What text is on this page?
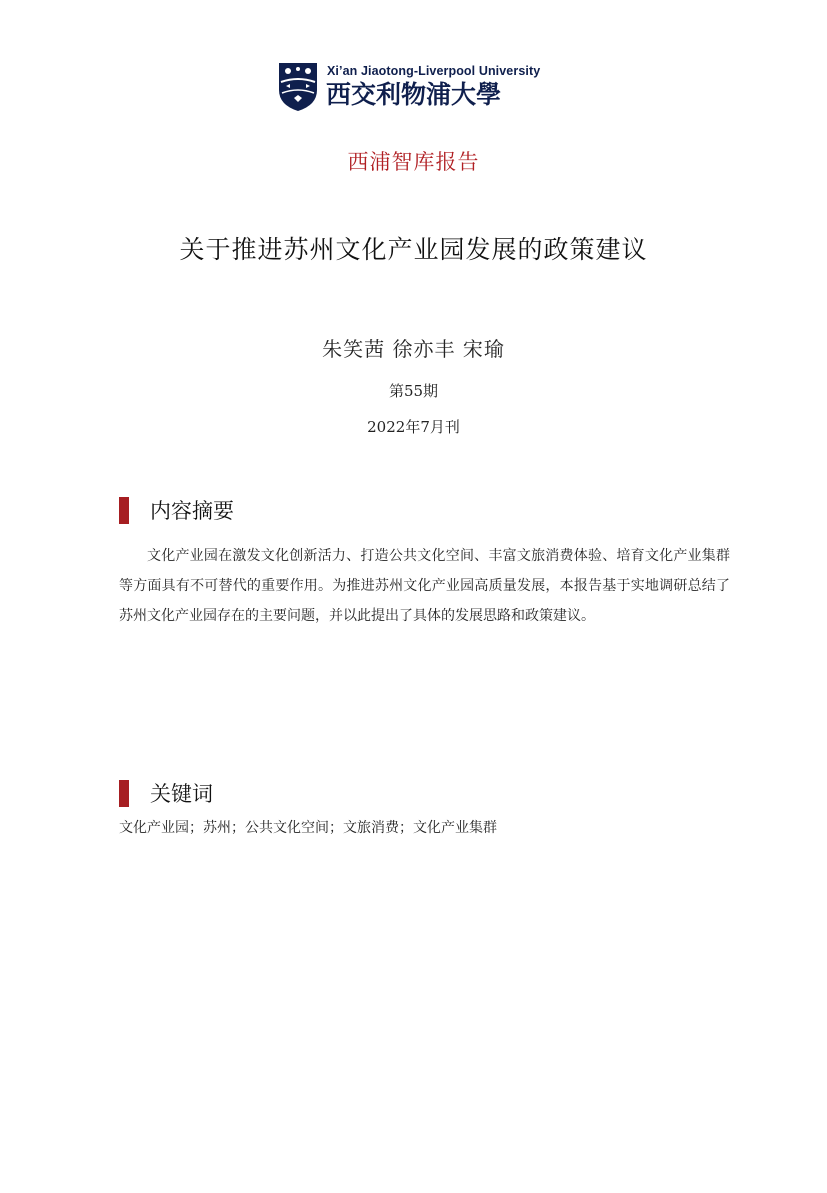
Xi’an Jiaotong-Liverpool University
西交利物浦大學
西浦智库报告
关于推进苏州文化产业园发展的政策建议
朱笑茜 徐亦丰 宋瑜
第55期
2022年7月刊
内容摘要

文化产业园在激发文化创新活力、打造公共文化空间、丰富文旅消费体验、培育文化产业集群等方面具有不可替代的重要作用。为推进苏州文化产业园高质量发展，本报告基于实地调研总结了苏州文化产业园存在的主要问题，并以此提出了具体的发展思路和政策建议。

关键词
文化产业园；苏州；公共文化空间；文旅消费；文化产业集群
